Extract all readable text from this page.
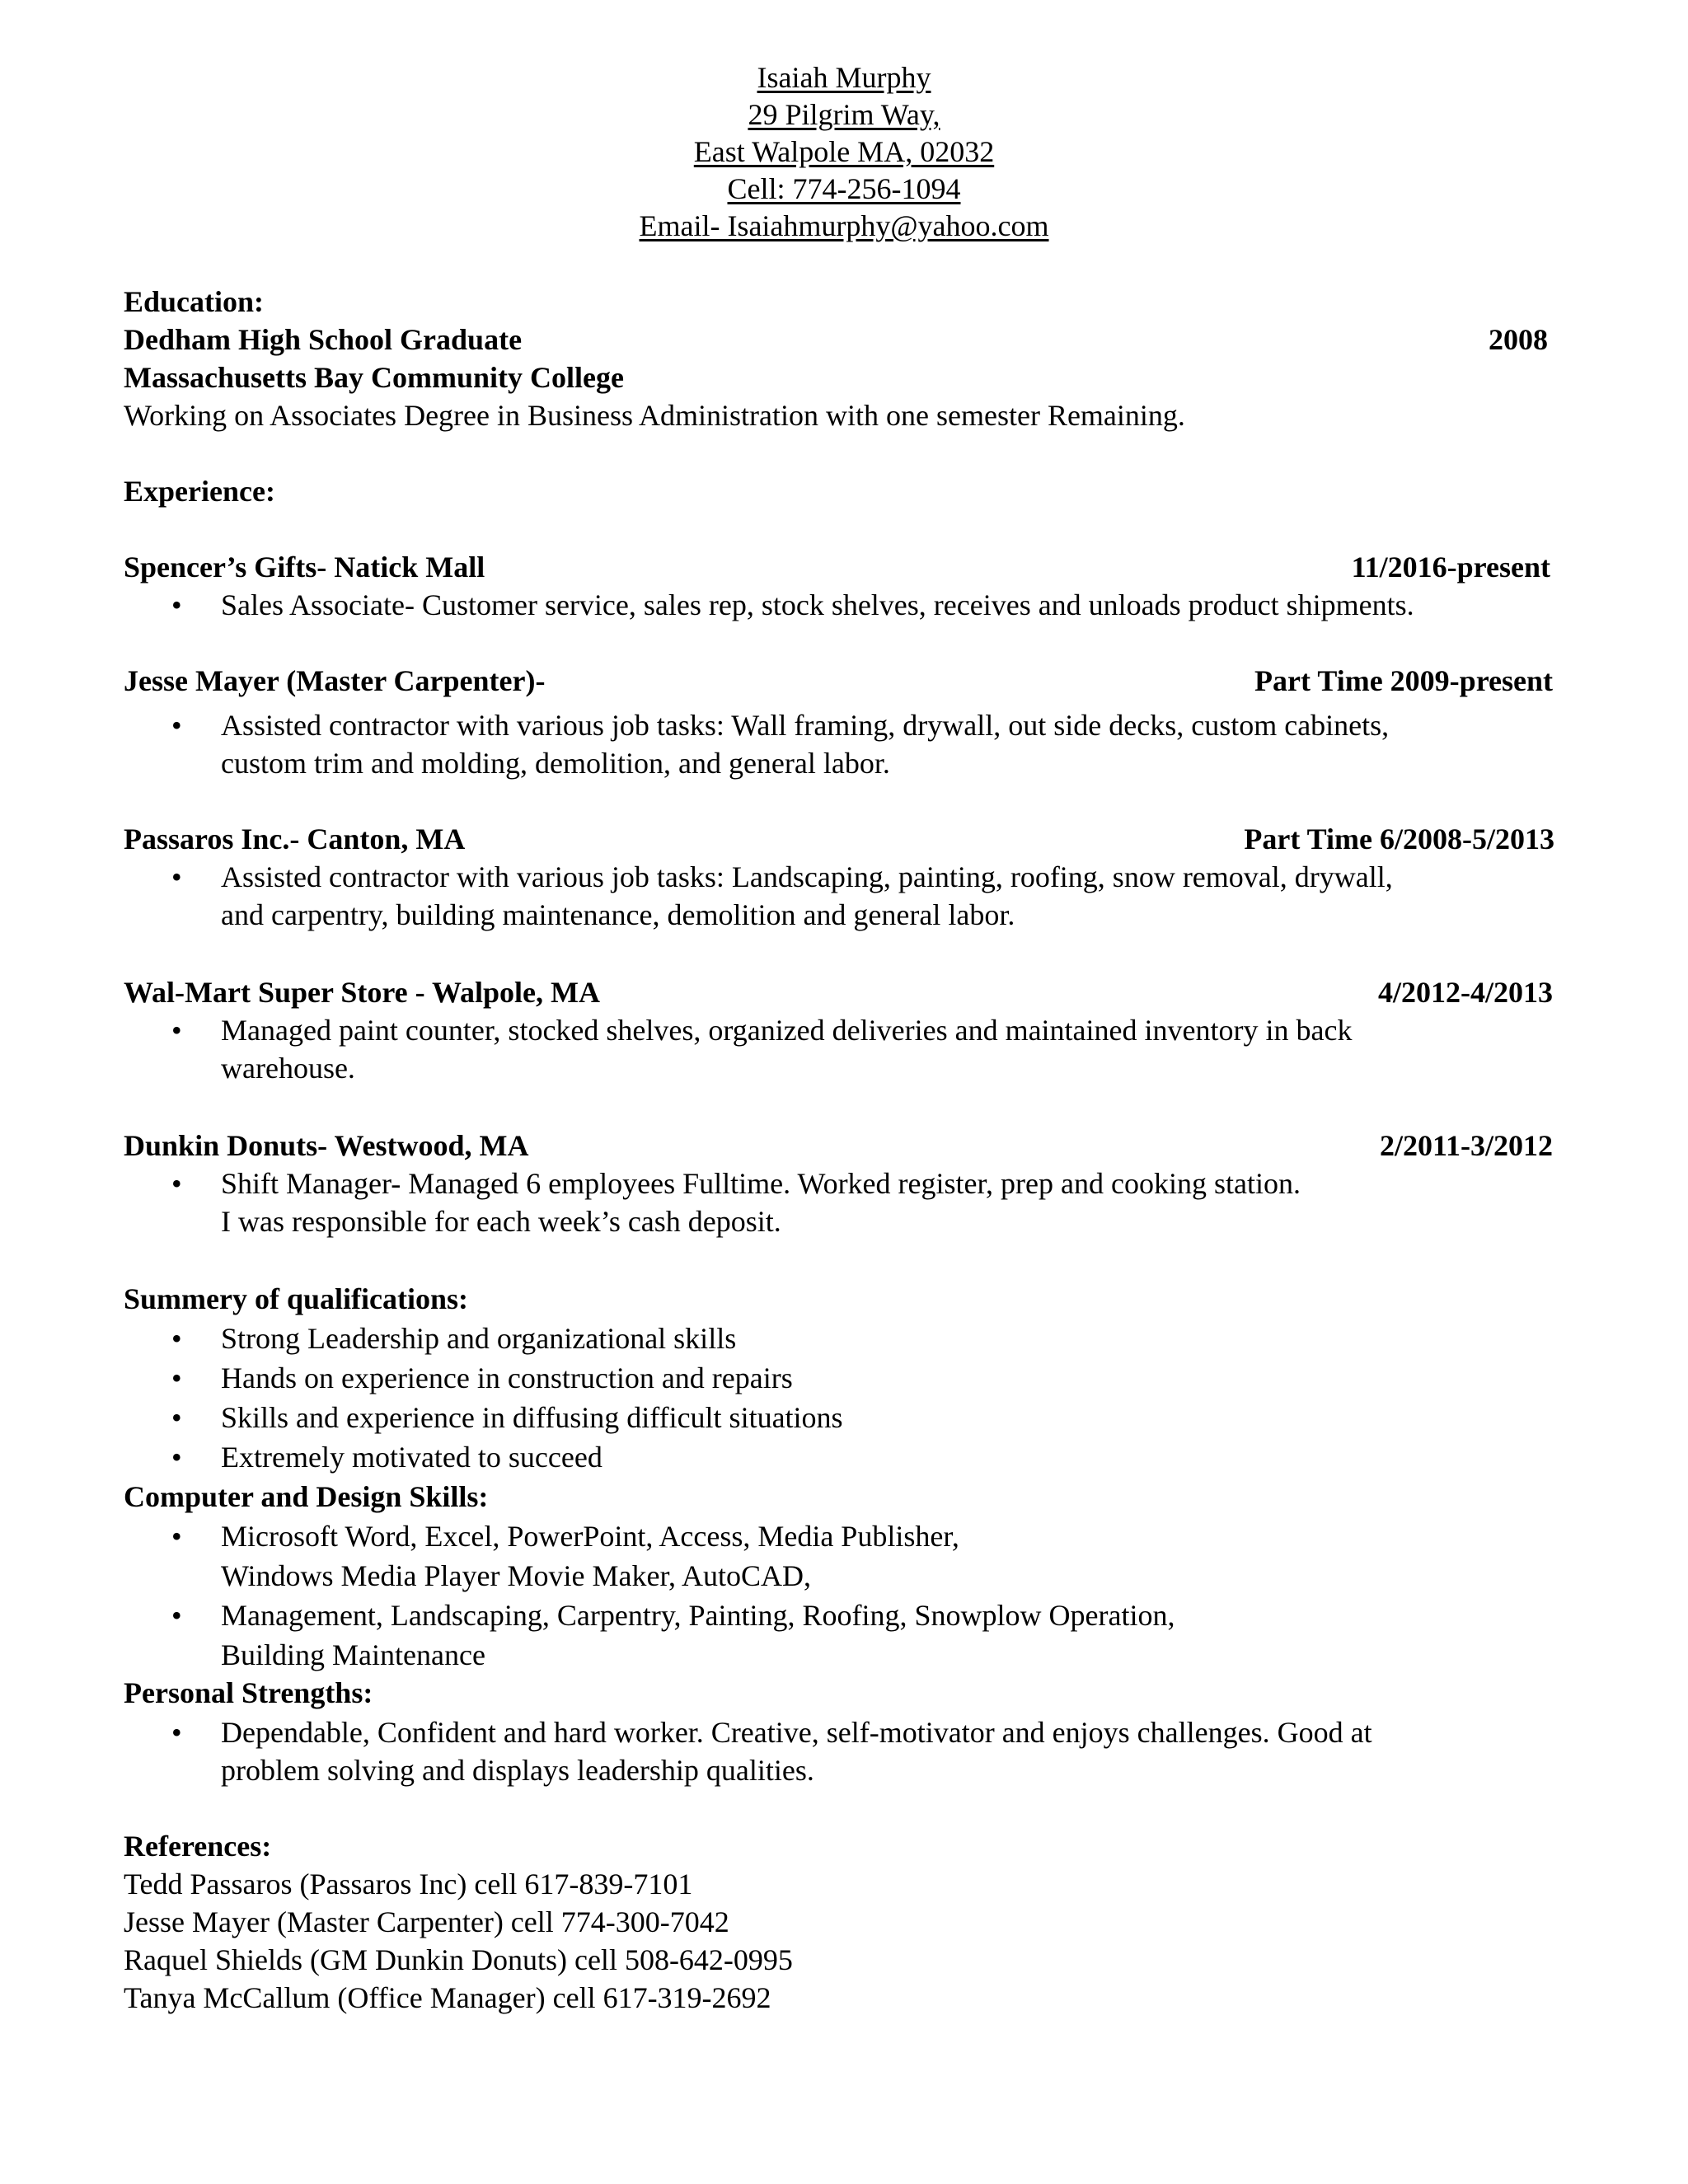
Isaiah Murphy
29 Pilgrim Way,
East Walpole MA, 02032
Cell: 774-256-1094
Email- Isaiahmurphy@yahoo.com
Education:
Dedham High School Graduate	2008
Massachusetts Bay Community College
Working on Associates Degree in Business Administration with one semester Remaining.
Experience:
Spencer’s Gifts- Natick Mall	11/2016-present
• Sales Associate- Customer service, sales rep, stock shelves, receives and unloads product shipments.
Jesse Mayer (Master Carpenter)-	Part Time 2009-present
• Assisted contractor with various job tasks: Wall framing, drywall, out side decks, custom cabinets,
custom trim and molding, demolition, and general labor.
Passaros Inc.- Canton, MA	Part Time 6/2008-5/2013
• Assisted contractor with various job tasks: Landscaping, painting, roofing, snow removal, drywall,
and carpentry, building maintenance, demolition and general labor.
Wal-Mart Super Store - Walpole, MA	4/2012-4/2013
• Managed paint counter, stocked shelves, organized deliveries and maintained inventory in back
warehouse.
Dunkin Donuts- Westwood, MA	2/2011-3/2012
• Shift Manager- Managed 6 employees Fulltime. Worked register, prep and cooking station.
I was responsible for each week’s cash deposit.
Summery of qualifications:
• Strong Leadership and organizational skills
• Hands on experience in construction and repairs
• Skills and experience in diffusing difficult situations
• Extremely motivated to succeed
Computer and Design Skills:
• Microsoft Word, Excel, PowerPoint, Access, Media Publisher,
Windows Media Player Movie Maker, AutoCAD,
• Management, Landscaping, Carpentry, Painting, Roofing, Snowplow Operation,
Building Maintenance
Personal Strengths:
• Dependable, Confident and hard worker. Creative, self-motivator and enjoys challenges. Good at
problem solving and displays leadership qualities.
References:
Tedd Passaros (Passaros Inc) cell 617-839-7101
Jesse Mayer (Master Carpenter) cell 774-300-7042
Raquel Shields (GM Dunkin Donuts) cell 508-642-0995
Tanya McCallum (Office Manager) cell 617-319-2692
